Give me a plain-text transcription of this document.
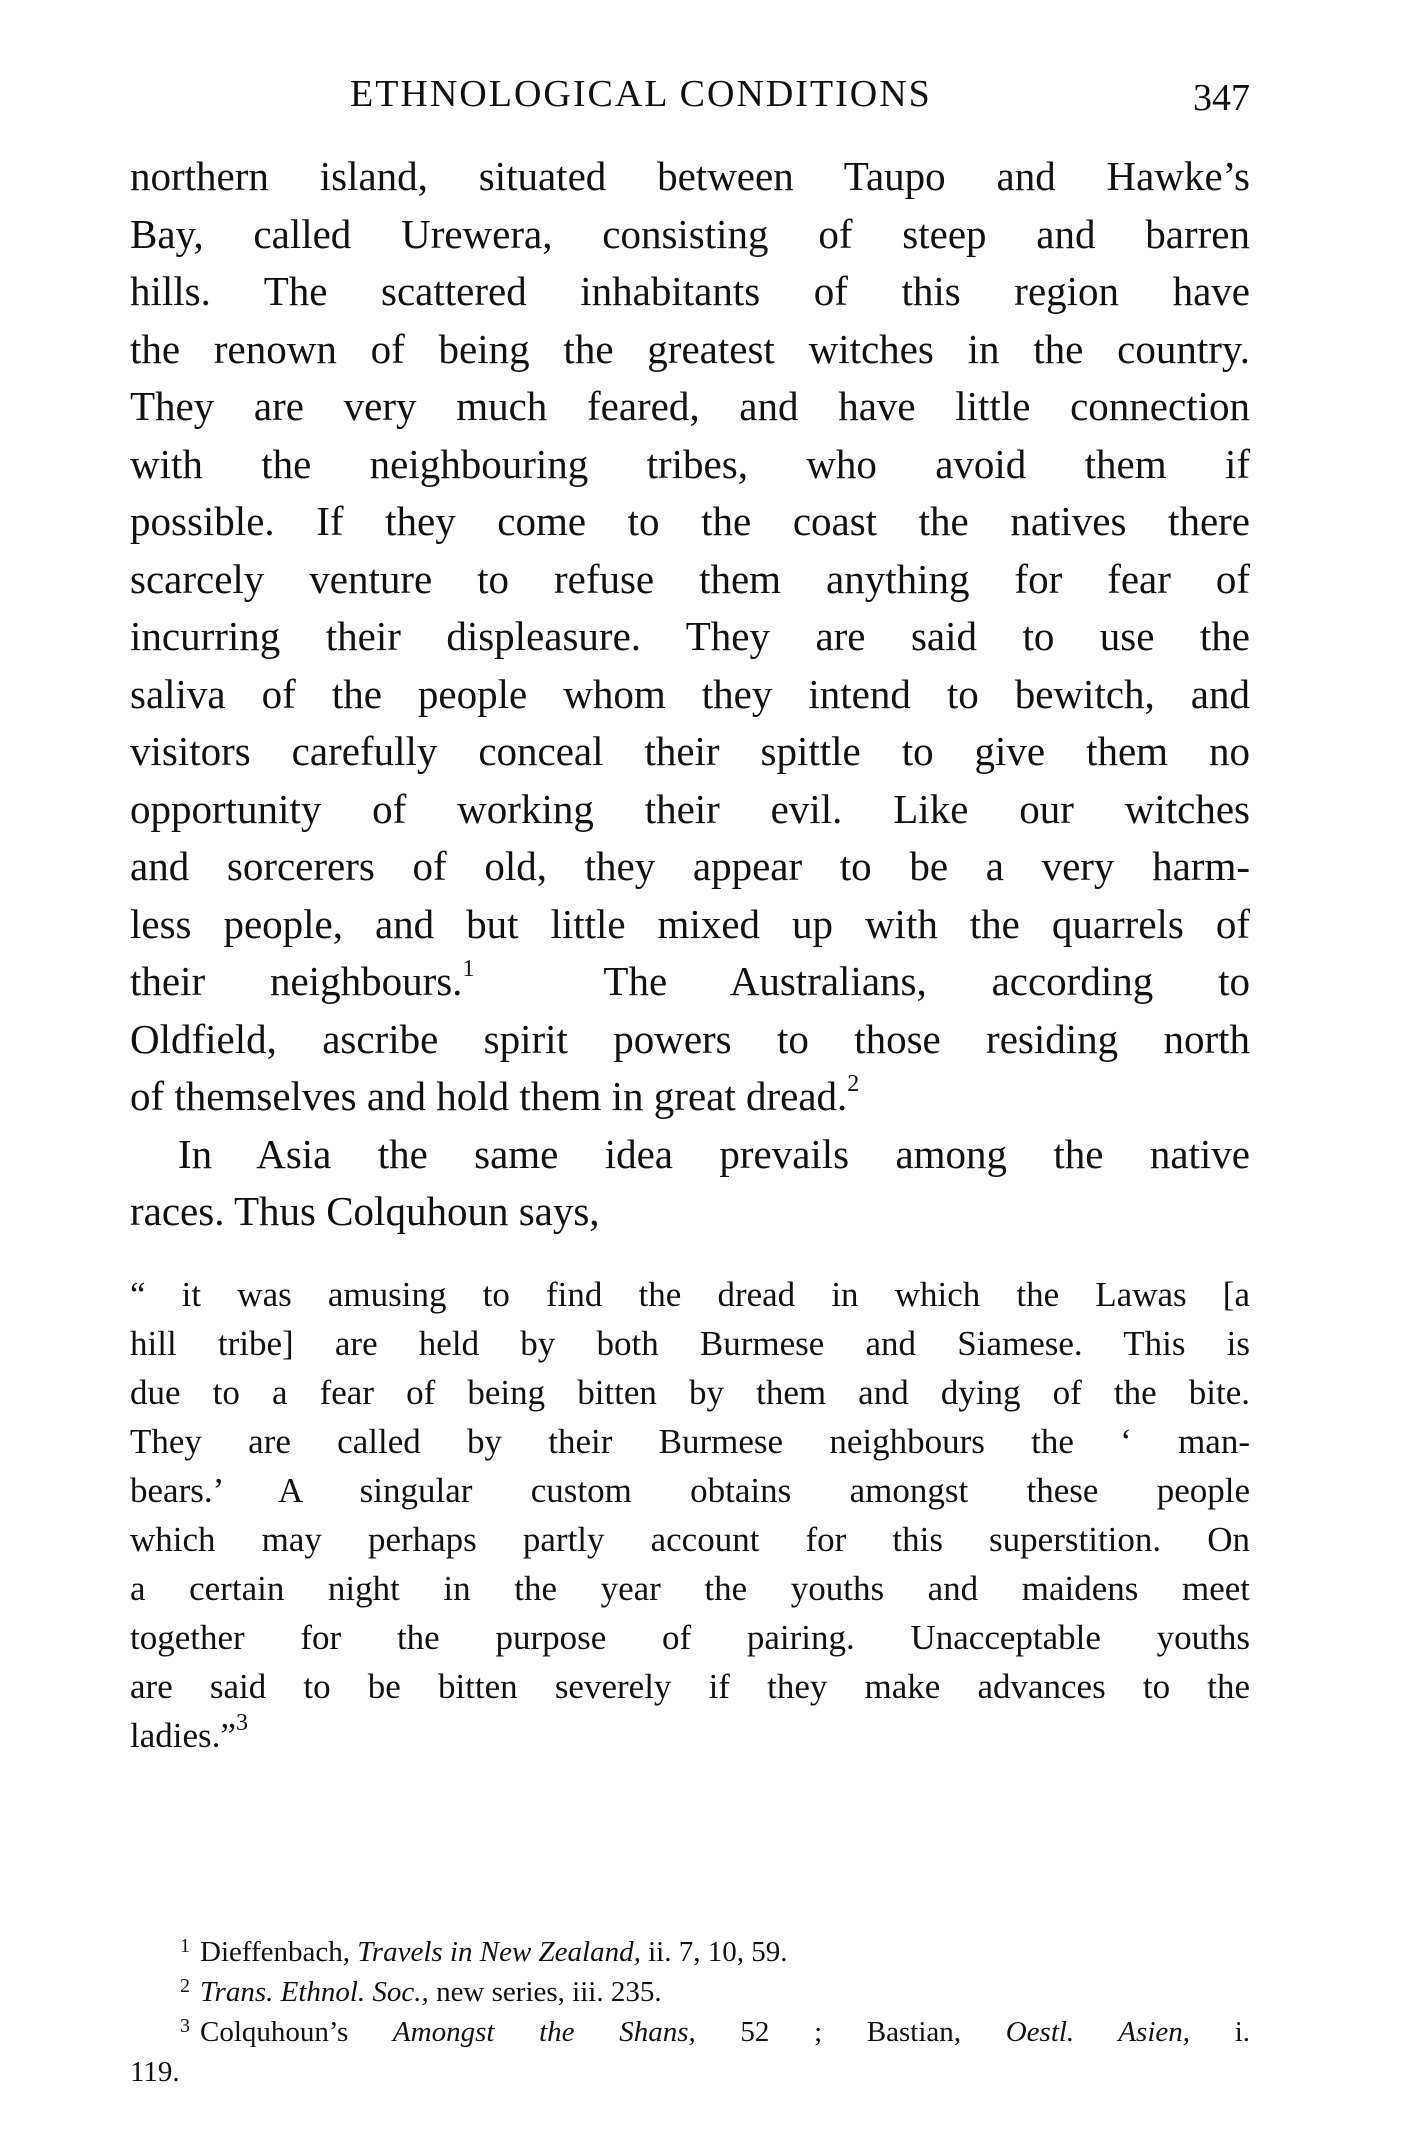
ETHNOLOGICAL CONDITIONS	347
northern island, situated between Taupo and Hawke’s
Bay, called Urewera, consisting of steep and barren
hills. The scattered inhabitants of this region have
the renown of being the greatest witches in the country.
They are very much feared, and have little connection
with the neighbouring tribes, who avoid them if
possible. If they come to the coast the natives there
scarcely venture to refuse them anything for fear of
incurring their displeasure. They are said to use the
saliva of the people whom they intend to bewitch, and
visitors carefully conceal their spittle to give them no
opportunity of working their evil. Like our witches
and sorcerers of old, they appear to be a very harm-
less people, and but little mixed up with the quarrels of
their neighbours.$^1$	The Australians, according to
Oldfield, ascribe spirit powers to those residing north
of themselves and hold them in great dread.$^2$
In Asia the same idea prevails among the native
races. Thus Colquhoun says,
“ it was amusing to find the dread in which the Lawas [a
hill tribe] are held by both Burmese and Siamese. This is
due to a fear of being bitten by them and dying of the bite.
They are called by their Burmese neighbours the ‘ man-
bears.’ A singular custom obtains amongst these people
which may perhaps partly account for this superstition. On
a certain night in the year the youths and maidens meet
together for the purpose of pairing. Unacceptable youths
are said to be bitten severely if they make advances to the
ladies.”$^3$
$^1$ Dieffenbach, Travels in New Zealand, ii. 7, 10, 59.
$^2$ Trans. Ethnol. Soc., new series, iii. 235.
$^3$ Colquhoun’s Amongst the Shans, 52 ; Bastian, Oestl. Asien, i.
119.
